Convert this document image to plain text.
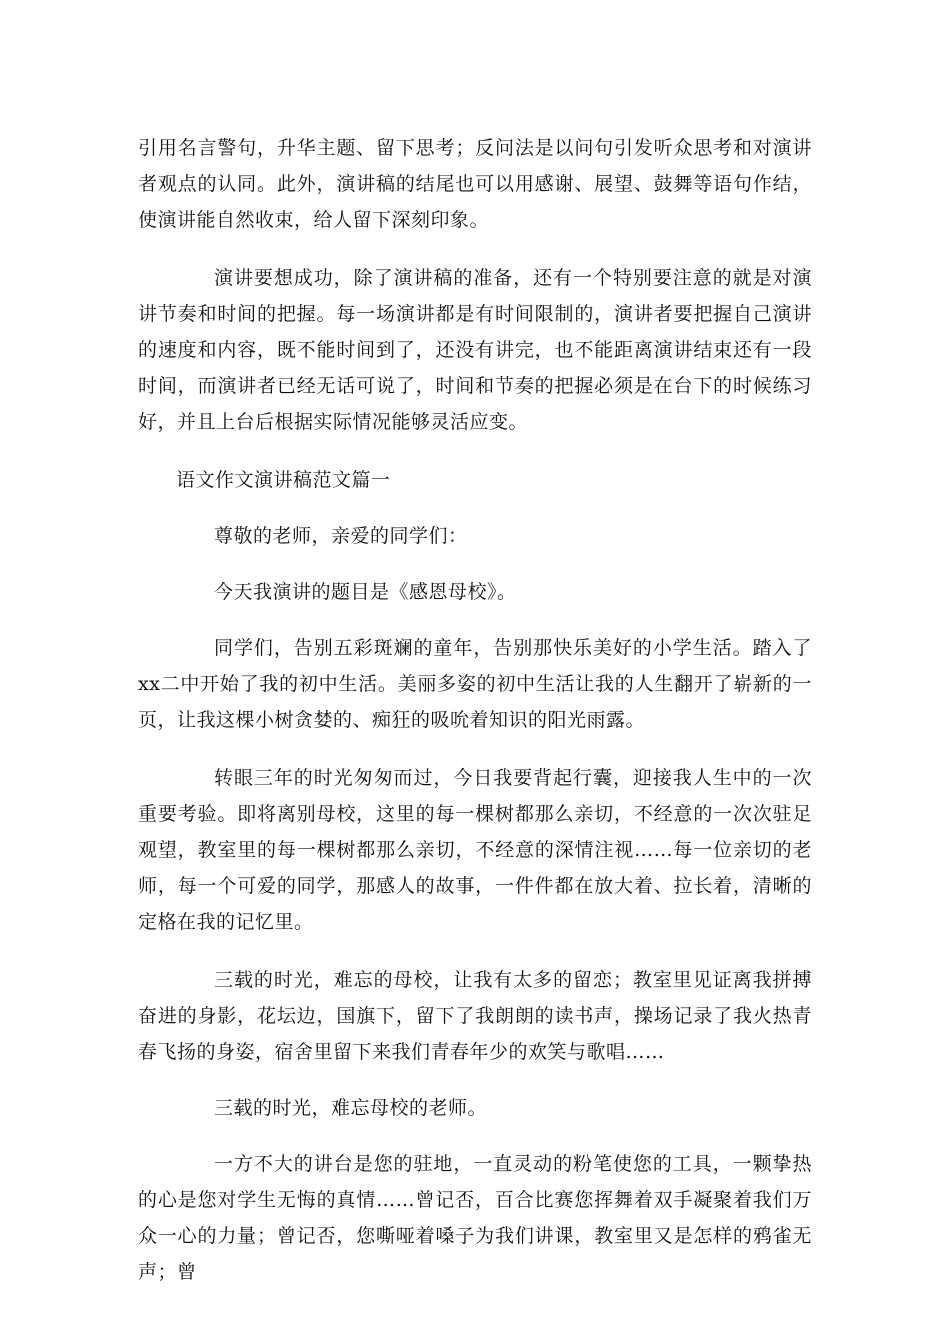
引用名言警句，升华主题、留下思考；反问法是以问句引发听众思考和对演讲者观点的认同。此外，演讲稿的结尾也可以用感谢、展望、鼓舞等语句作结，使演讲能自然收束，给人留下深刻印象。

演讲要想成功，除了演讲稿的准备，还有一个特别要注意的就是对演讲节奏和时间的把握。每一场演讲都是有时间限制的，演讲者要把握自己演讲的速度和内容，既不能时间到了，还没有讲完，也不能距离演讲结束还有一段时间，而演讲者已经无话可说了，时间和节奏的把握必须是在台下的时候练习好，并且上台后根据实际情况能够灵活应变。

语文作文演讲稿范文篇一

尊敬的老师，亲爱的同学们：

今天我演讲的题目是《感恩母校》。

同学们，告别五彩斑斓的童年，告别那快乐美好的小学生活。踏入了xx二中开始了我的初中生活。美丽多姿的初中生活让我的人生翻开了崭新的一页，让我这棵小树贪婪的、痴狂的吸吮着知识的阳光雨露。

转眼三年的时光匆匆而过，今日我要背起行囊，迎接我人生中的一次重要考验。即将离别母校，这里的每一棵树都那么亲切，不经意的一次次驻足观望，教室里的每一棵树都那么亲切，不经意的深情注视……每一位亲切的老师，每一个可爱的同学，那感人的故事，一件件都在放大着、拉长着，清晰的定格在我的记忆里。

三载的时光，难忘的母校，让我有太多的留恋；教室里见证离我拼搏奋进的身影，花坛边，国旗下，留下了我朗朗的读书声，操场记录了我火热青春飞扬的身姿，宿舍里留下来我们青春年少的欢笑与歌唱……

三载的时光，难忘母校的老师。

一方不大的讲台是您的驻地，一直灵动的粉笔使您的工具，一颗挚热的心是您对学生无悔的真情……曾记否，百合比赛您挥舞着双手凝聚着我们万众一心的力量；曾记否，您嘶哑着嗓子为我们讲课，教室里又是怎样的鸦雀无声；曾
